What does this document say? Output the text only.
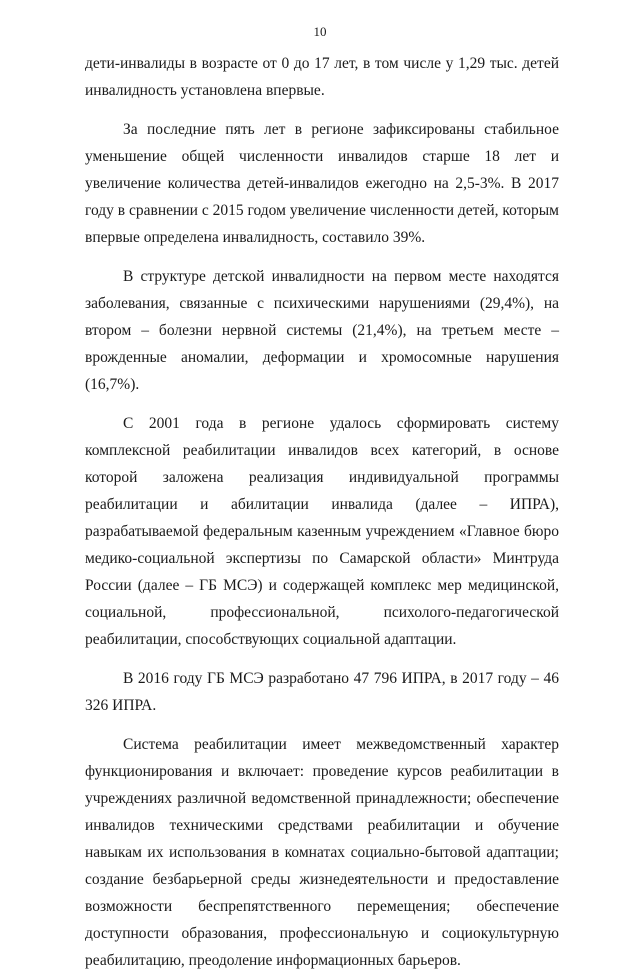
10

дети-инвалиды в возрасте от 0 до 17 лет, в том числе у 1,29 тыс. детей инвалидность установлена впервые.

За последние пять лет в регионе зафиксированы стабильное уменьшение общей численности инвалидов старше 18 лет и увеличение количества детей-инвалидов ежегодно на 2,5-3%. В 2017 году в сравнении с 2015 годом увеличение численности детей, которым впервые определена инвалидность, составило 39%.

В структуре детской инвалидности на первом месте находятся заболевания, связанные с психическими нарушениями (29,4%), на втором – болезни нервной системы (21,4%), на третьем месте – врожденные аномалии, деформации и хромосомные нарушения (16,7%).

С 2001 года в регионе удалось сформировать систему комплексной реабилитации инвалидов всех категорий, в основе которой заложена реализация индивидуальной программы реабилитации и абилитации инвалида (далее – ИПРА), разрабатываемой федеральным казенным учреждением «Главное бюро медико-социальной экспертизы по Самарской области» Минтруда России (далее – ГБ МСЭ) и содержащей комплекс мер медицинской, социальной, профессиональной, психолого-педагогической реабилитации, способствующих социальной адаптации.

В 2016 году ГБ МСЭ разработано 47 796 ИПРА, в 2017 году – 46 326 ИПРА.

Система реабилитации имеет межведомственный характер функционирования и включает: проведение курсов реабилитации в учреждениях различной ведомственной принадлежности; обеспечение инвалидов техническими средствами реабилитации и обучение навыкам их использования в комнатах социально-бытовой адаптации; создание безбарьерной среды жизнедеятельности и предоставление возможности беспрепятственного перемещения; обеспечение доступности образования, профессиональную и социокультурную реабилитацию, преодоление информационных барьеров.
